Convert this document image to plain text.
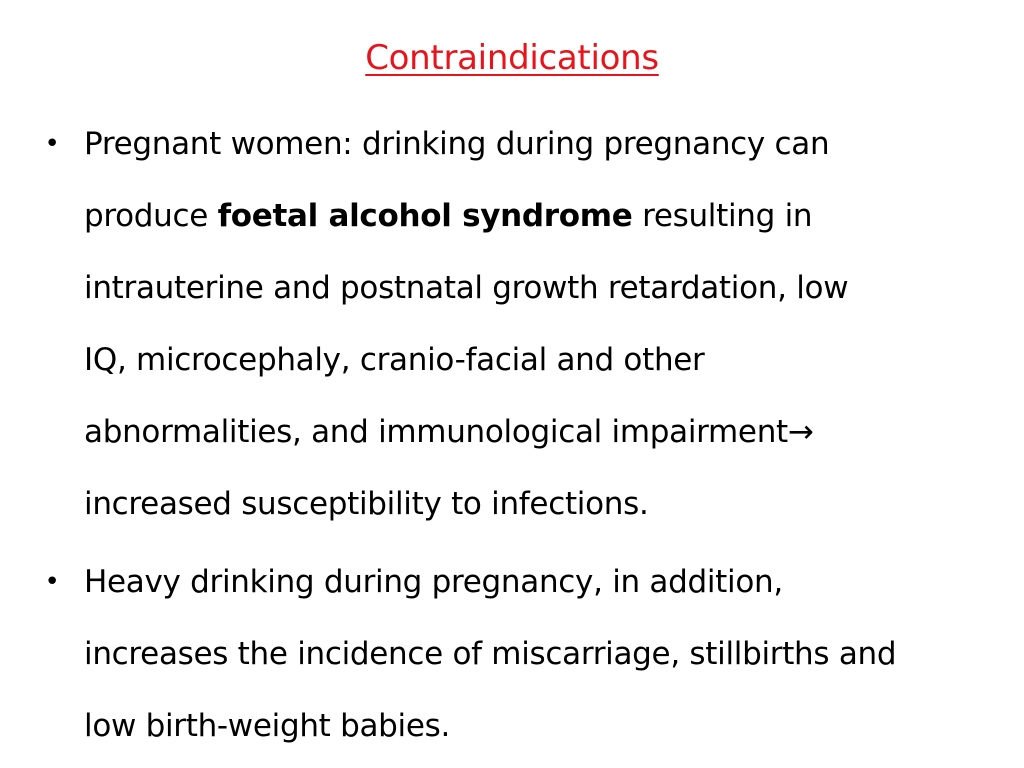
Contraindications
• Pregnant women: drinking during pregnancy can
produce foetal alcohol syndrome resulting in
intrauterine and postnatal growth retardation, low
IQ, microcephaly, cranio-facial and other
abnormalities, and immunological impairment→
increased susceptibility to infections.
• Heavy drinking during pregnancy, in addition,
increases the incidence of miscarriage, stillbirths and
low birth-weight babies.
